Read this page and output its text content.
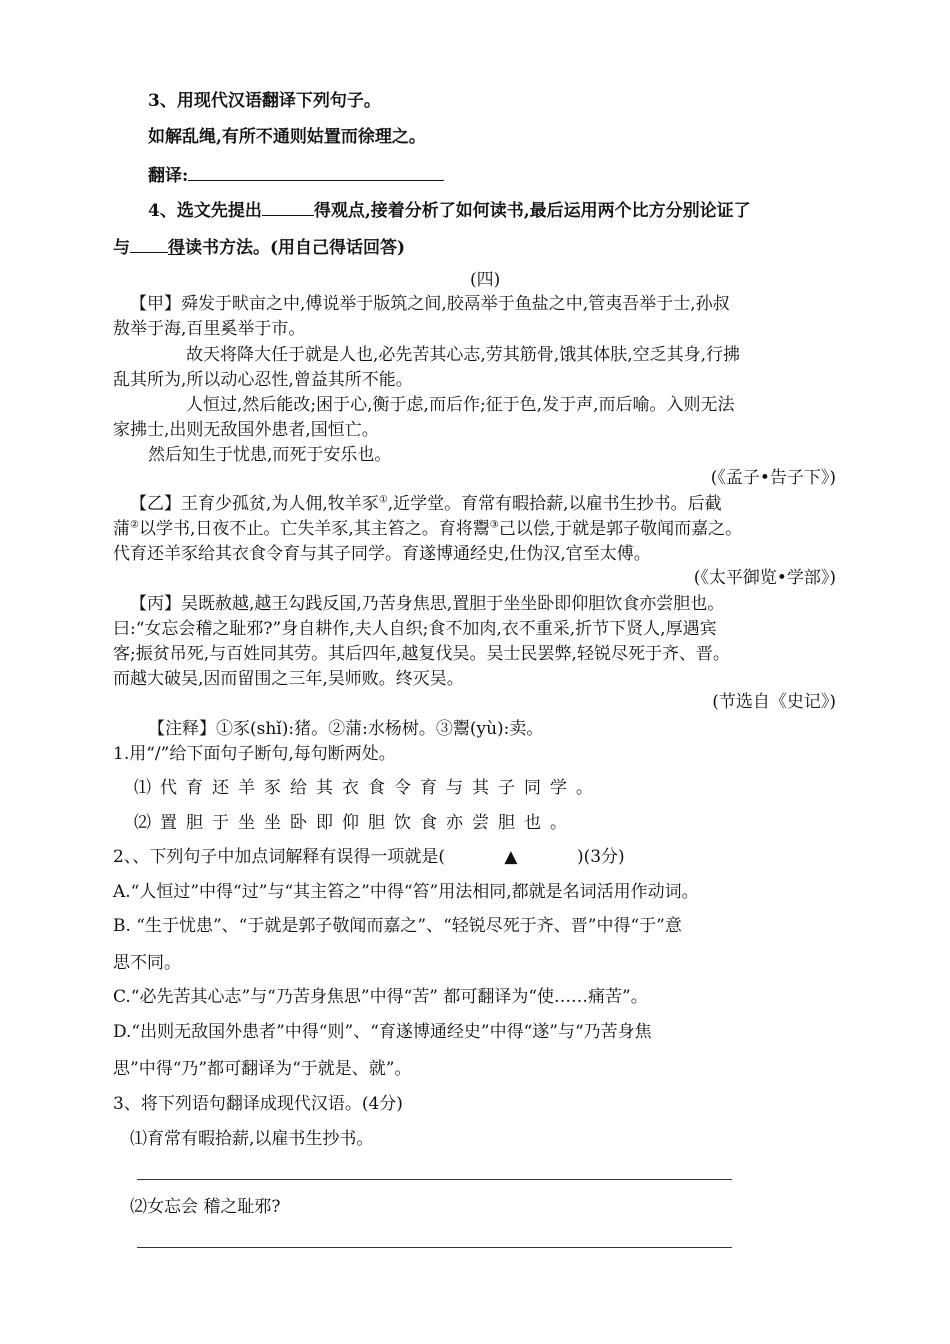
3、用现代汉语翻译下列句子。
如解乱绳,有所不通则姑置而徐理之。
翻译:
4、选文先提出	得观点,接着分析了如何读书,最后运用两个比方分别论证了
与 得读书方法。(用自己得话回答)
(四)
【甲】舜发于畎亩之中,傅说举于版筑之间,胶鬲举于鱼盐之中,管夷吾举于士,孙叔
敖举于海,百里奚举于市。
故天将降大任于就是人也,必先苦其心志,劳其筋骨,饿其体肤,空乏其身,行拂
乱其所为,所以动心忍性,曾益其所不能。
人恒过,然后能改;困于心,衡于虑,而后作;征于色,发于声,而后喻。入则无法
家拂士,出则无敌国外患者,国恒亡。
然后知生于忧患,而死于安乐也。
(《孟子•告子下》)
【乙】王育少孤贫,为人佣,牧羊豕①,近学堂。育常有暇拾薪,以雇书生抄书。后截
蒲②以学书,日夜不止。亡失羊豕,其主笞之。育将鬻③己以偿,于就是郭子敬闻而嘉之。
代育还羊豕给其衣食令育与其子同学。育遂博通经史,仕伪汉,官至太傅。
(《太平御览•学部》)
【丙】吴既赦越,越王勾践反国,乃苦身焦思,置胆于坐坐卧即仰胆饮食亦尝胆也。
曰:“女忘会稽之耻邪?”身自耕作,夫人自织;食不加肉,衣不重采,折节下贤人,厚遇宾
客;振贫吊死,与百姓同其劳。其后四年,越复伐吴。吴士民罢弊,轻锐尽死于齐、晋。
而越大破吴,因而留围之三年,吴师败。终灭吴。
(节选自《史记》)
【注释】①豕(shǐ):猪。②蒲:水杨树。③鬻(yù):卖。
1.用“/”给下面句子断句,每句断两处。
⑴代育还羊豕给其衣食令育与其子同学。
⑵置胆于坐坐卧即仰胆饮食亦尝胆也。
2、、下列句子中加点词解释有误得一项就是(	▲	)(3分)
A.“人恒过”中得“过”与“其主笞之”中得“笞”用法相同,都就是名词活用作动词。
B. “生于忧患”、“于就是郭子敬闻而嘉之”、“轻锐尽死于齐、晋”中得“于”意
思不同。
C.“必先苦其心志”与“乃苦身焦思”中得“苦” 都可翻译为“使……痛苦”。
D.“出则无敌国外患者”中得“则”、“育遂博通经史”中得“遂”与“乃苦身焦
思”中得“乃”都可翻译为“于就是、就”。
3、将下列语句翻译成现代汉语。(4分)
⑴育常有暇拾薪,以雇书生抄书。
⑵女忘会 稽之耻邪?
